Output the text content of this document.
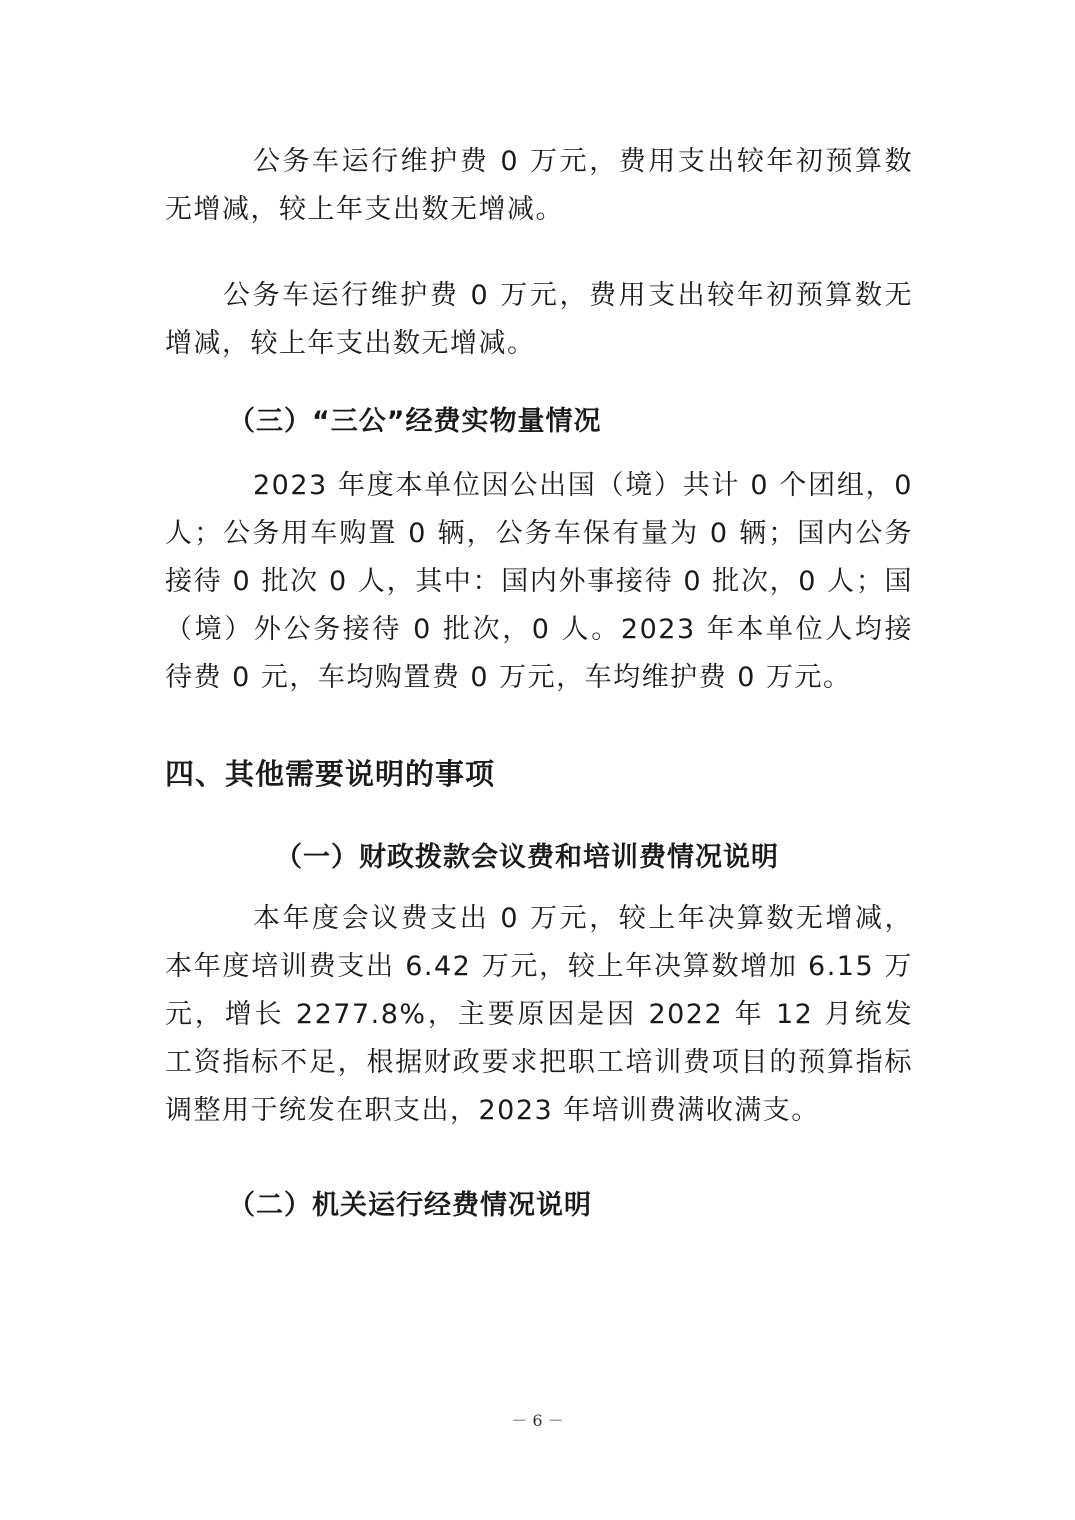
公务车运行维护费 0 万元，费用支出较年初预算数无增减，较上年支出数无增减。

公务车运行维护费 0 万元，费用支出较年初预算数无增减，较上年支出数无增减。

（三）“三公”经费实物量情况

2023 年度本单位因公出国（境）共计 0 个团组，0 人；公务用车购置 0 辆，公务车保有量为 0 辆；国内公务接待 0 批次 0 人，其中：国内外事接待 0 批次，0 人；国（境）外公务接待 0 批次，0 人。2023 年本单位人均接待费 0 元，车均购置费 0 万元，车均维护费 0 万元。

四、其他需要说明的事项
（一）财政拨款会议费和培训费情况说明

本年度会议费支出 0 万元，较上年决算数无增减，本年度培训费支出 6.42 万元，较上年决算数增加 6.15 万元，增长 2277.8%，主要原因是因 2022 年 12 月统发工资指标不足，根据财政要求把职工培训费项目的预算指标调整用于统发在职支出，2023 年培训费满收满支。

（二）机关运行经费情况说明
－ 6 －
